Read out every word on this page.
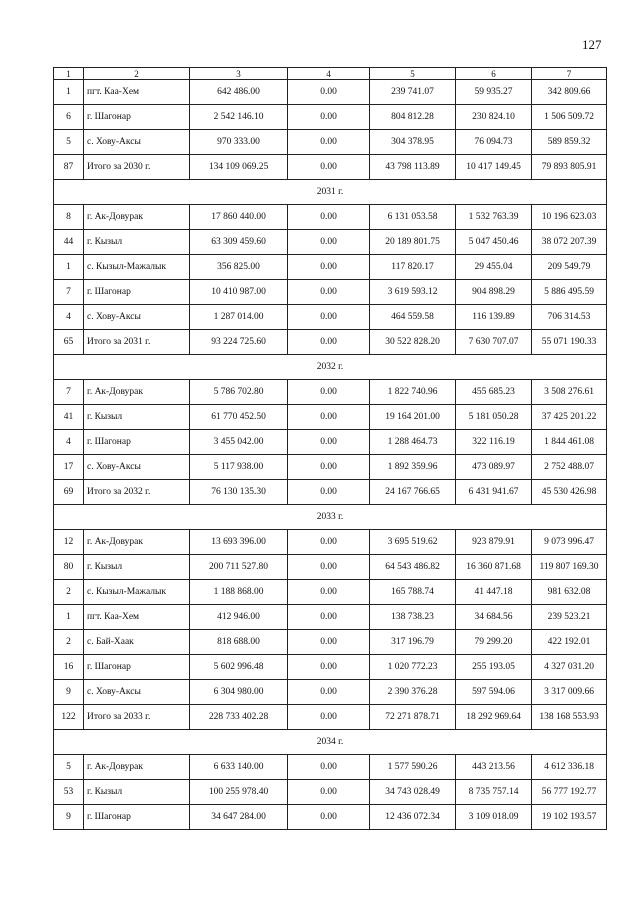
127
1	2	3	4	5	6	7
1	пгт. Каа-Хем	642 486.00	0.00	239 741.07	59 935.27	342 809.66
6	г. Шагонар	2 542 146.10	0.00	804 812.28	230 824.10	1 506 509.72
5	с. Хову-Аксы	970 333.00	0.00	304 378.95	76 094.73	589 859.32
87	Итого за 2030 г.	134 109 069.25	0.00	43 798 113.89	10 417 149.45	79 893 805.91
2031 г.						
8	г. Ак-Довурак	17 860 440.00	0.00	6 131 053.58	1 532 763.39	10 196 623.03
44	г. Кызыл	63 309 459.60	0.00	20 189 801.75	5 047 450.46	38 072 207.39
1	с. Кызыл-Мажалык	356 825.00	0.00	117 820.17	29 455.04	209 549.79
7	г. Шагонар	10 410 987.00	0.00	3 619 593.12	904 898.29	5 886 495.59
4	с. Хову-Аксы	1 287 014.00	0.00	464 559.58	116 139.89	706 314.53
65	Итого за 2031 г.	93 224 725.60	0.00	30 522 828.20	7 630 707.07	55 071 190.33
2032 г.						
7	г. Ак-Довурак	5 786 702.80	0.00	1 822 740.96	455 685.23	3 508 276.61
41	г. Кызыл	61 770 452.50	0.00	19 164 201.00	5 181 050.28	37 425 201.22
4	г. Шагонар	3 455 042.00	0.00	1 288 464.73	322 116.19	1 844 461.08
17	с. Хову-Аксы	5 117 938.00	0.00	1 892 359.96	473 089.97	2 752 488.07
69	Итого за 2032 г.	76 130 135.30	0.00	24 167 766.65	6 431 941.67	45 530 426.98
2033 г.						
12	г. Ак-Довурак	13 693 396.00	0.00	3 695 519.62	923 879.91	9 073 996.47
80	г. Кызыл	200 711 527.80	0.00	64 543 486.82	16 360 871.68	119 807 169.30
2	с. Кызыл-Мажалык	1 188 868.00	0.00	165 788.74	41 447.18	981 632.08
1	пгт. Каа-Хем	412 946.00	0.00	138 738.23	34 684.56	239 523.21
2	с. Бай-Хаак	818 688.00	0.00	317 196.79	79 299.20	422 192.01
16	г. Шагонар	5 602 996.48	0.00	1 020 772.23	255 193.05	4 327 031.20
9	с. Хову-Аксы	6 304 980.00	0.00	2 390 376.28	597 594.06	3 317 009.66
122	Итого за 2033 г.	228 733 402.28	0.00	72 271 878.71	18 292 969.64	138 168 553.93
2034 г.						
5	г. Ак-Довурак	6 633 140.00	0.00	1 577 590.26	443 213.56	4 612 336.18
53	г. Кызыл	100 255 978.40	0.00	34 743 028.49	8 735 757.14	56 777 192.77
9	г. Шагонар	34 647 284.00	0.00	12 436 072.34	3 109 018.09	19 102 193.57
